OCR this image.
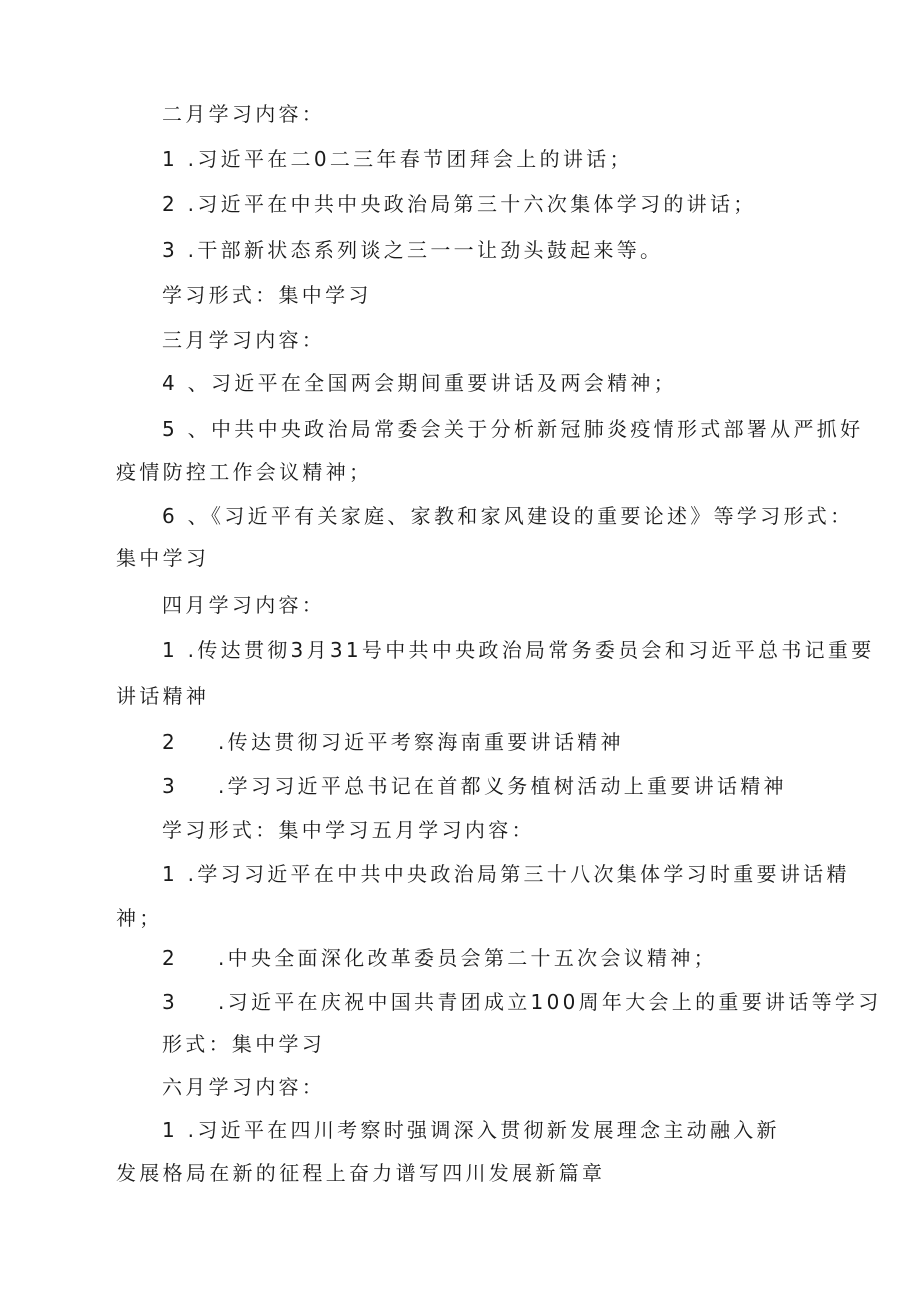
二月学习内容：
1 .习近平在二0二三年春节团拜会上的讲话；
2 .习近平在中共中央政治局第三十六次集体学习的讲话；
3 .干部新状态系列谈之三一一让劲头鼓起来等。
学习形式：集中学习
三月学习内容：
4 、习近平在全国两会期间重要讲话及两会精神；
5 、中共中央政治局常委会关于分析新冠肺炎疫情形式部署从严抓好
疫情防控工作会议精神；
6 、《习近平有关家庭、家教和家风建设的重要论述》等学习形式：
集中学习
四月学习内容：
1 .传达贯彻3月31号中共中央政治局常务委员会和习近平总书记重要
讲话精神
2 .传达贯彻习近平考察海南重要讲话精神
3 .学习习近平总书记在首都义务植树活动上重要讲话精神
学习形式：集中学习五月学习内容：
1 .学习习近平在中共中央政治局第三十八次集体学习时重要讲话精
神；
2 .中央全面深化改革委员会第二十五次会议精神；
3 .习近平在庆祝中国共青团成立100周年大会上的重要讲话等学习
形式：集中学习
六月学习内容：
1 .习近平在四川考察时强调深入贯彻新发展理念主动融入新
发展格局在新的征程上奋力谱写四川发展新篇章
